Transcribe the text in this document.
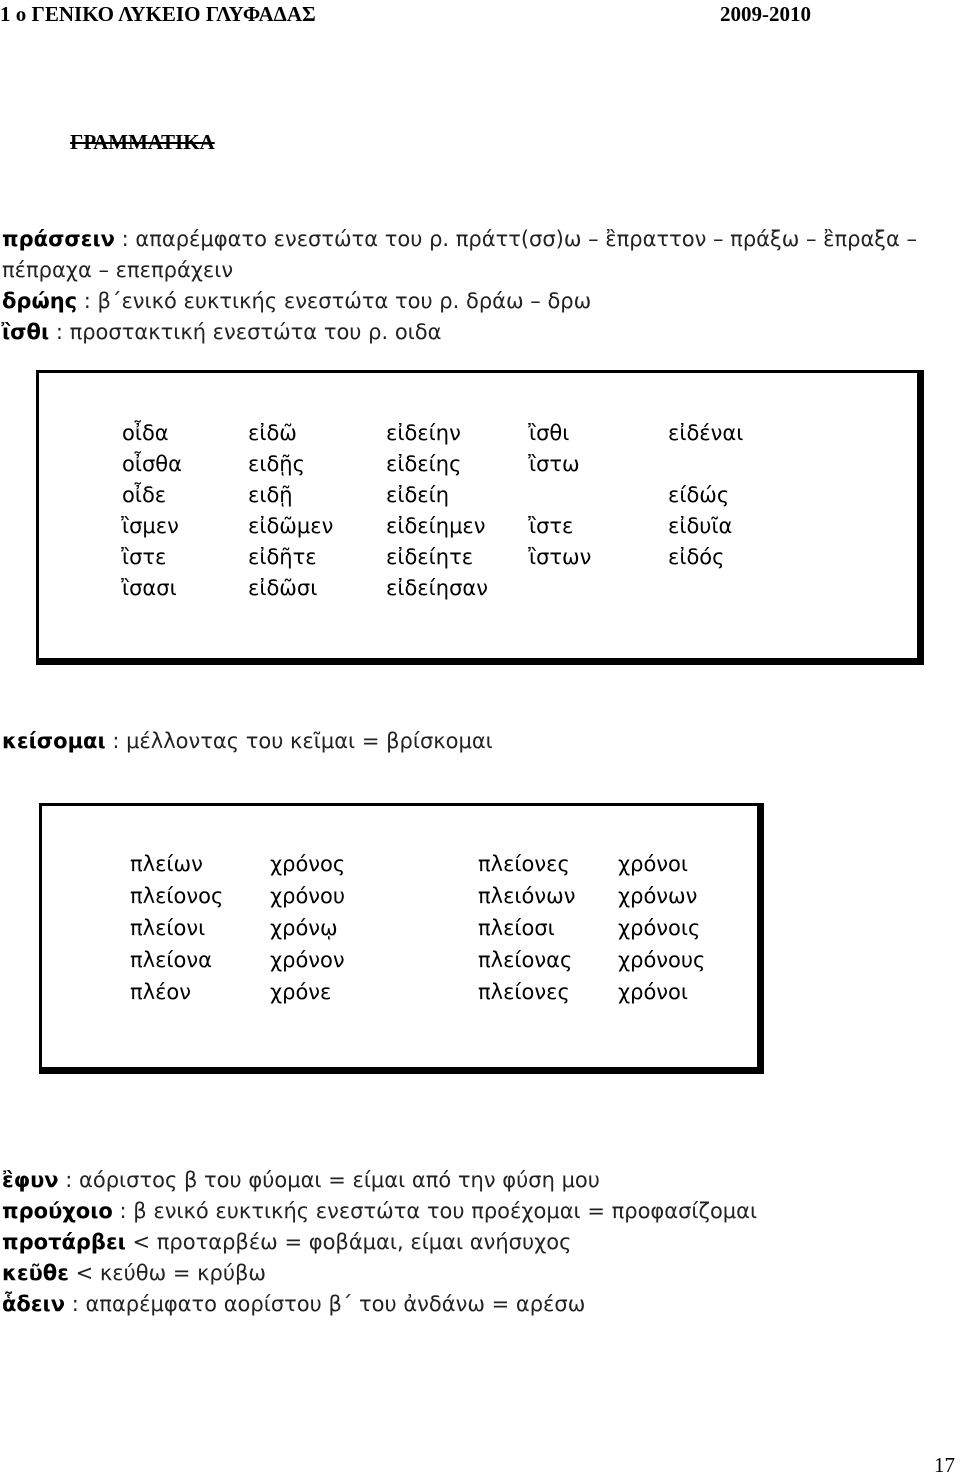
1 ο ΓΕΝΙΚΟ ΛΥΚΕΙΟ ΓΛΥΦΑΔΑΣ	2009-2010
ΓΡΑΜΜΑΤΙΚΑ
πράσσειν : απαρέμφατο ενεστώτα του ρ. πράττ(σσ)ω – ἒπραττον – πράξω – ἒπραξα –
πέπραχα – επεπράχειν
δρώης : β΄ενικό ευκτικής ενεστώτα του ρ. δράω – δρω
ἲσθι : προστακτική ενεστώτα του ρ. οιδα
οἶδα
οἶσθα
οἶδε
ἲσμεν
ἲστε
ἲσασι
εἰδῶ
ειδῇς
ειδῇ
εἰδῶμεν
εἰδῆτε
εἰδῶσι
εἰδείην
εἰδείης
εἰδείη
εἰδείημεν
εἰδείητε
εἰδείησαν
ἲσθι
ἲστω
ἲστε
ἲστων
εἰδέναι
είδώς
εἰδυῖα
εἰδός
κείσομαι : μέλλοντας του κεῖμαι = βρίσκομαι
πλείων
πλείονος
πλείονι
πλείονα
πλέον
χρόνος
χρόνου
χρόνῳ
χρόνον
χρόνε
πλείονες
πλειόνων
πλείοσι
πλείονας
πλείονες
χρόνοι
χρόνων
χρόνοις
χρόνους
χρόνοι
ἒφυν : αόριστος β του φύομαι = είμαι από την φύση μου
προύχοιο : β ενικό ευκτικής ενεστώτα του προέχομαι = προφασίζομαι
προτάρβει < προταρβέω = φοβάμαι, είμαι ανήσυχος
κεῦθε < κεύθω = κρύβω
ἇδειν : απαρέμφατο αορίστου β΄ του ἀνδάνω = αρέσω
17
